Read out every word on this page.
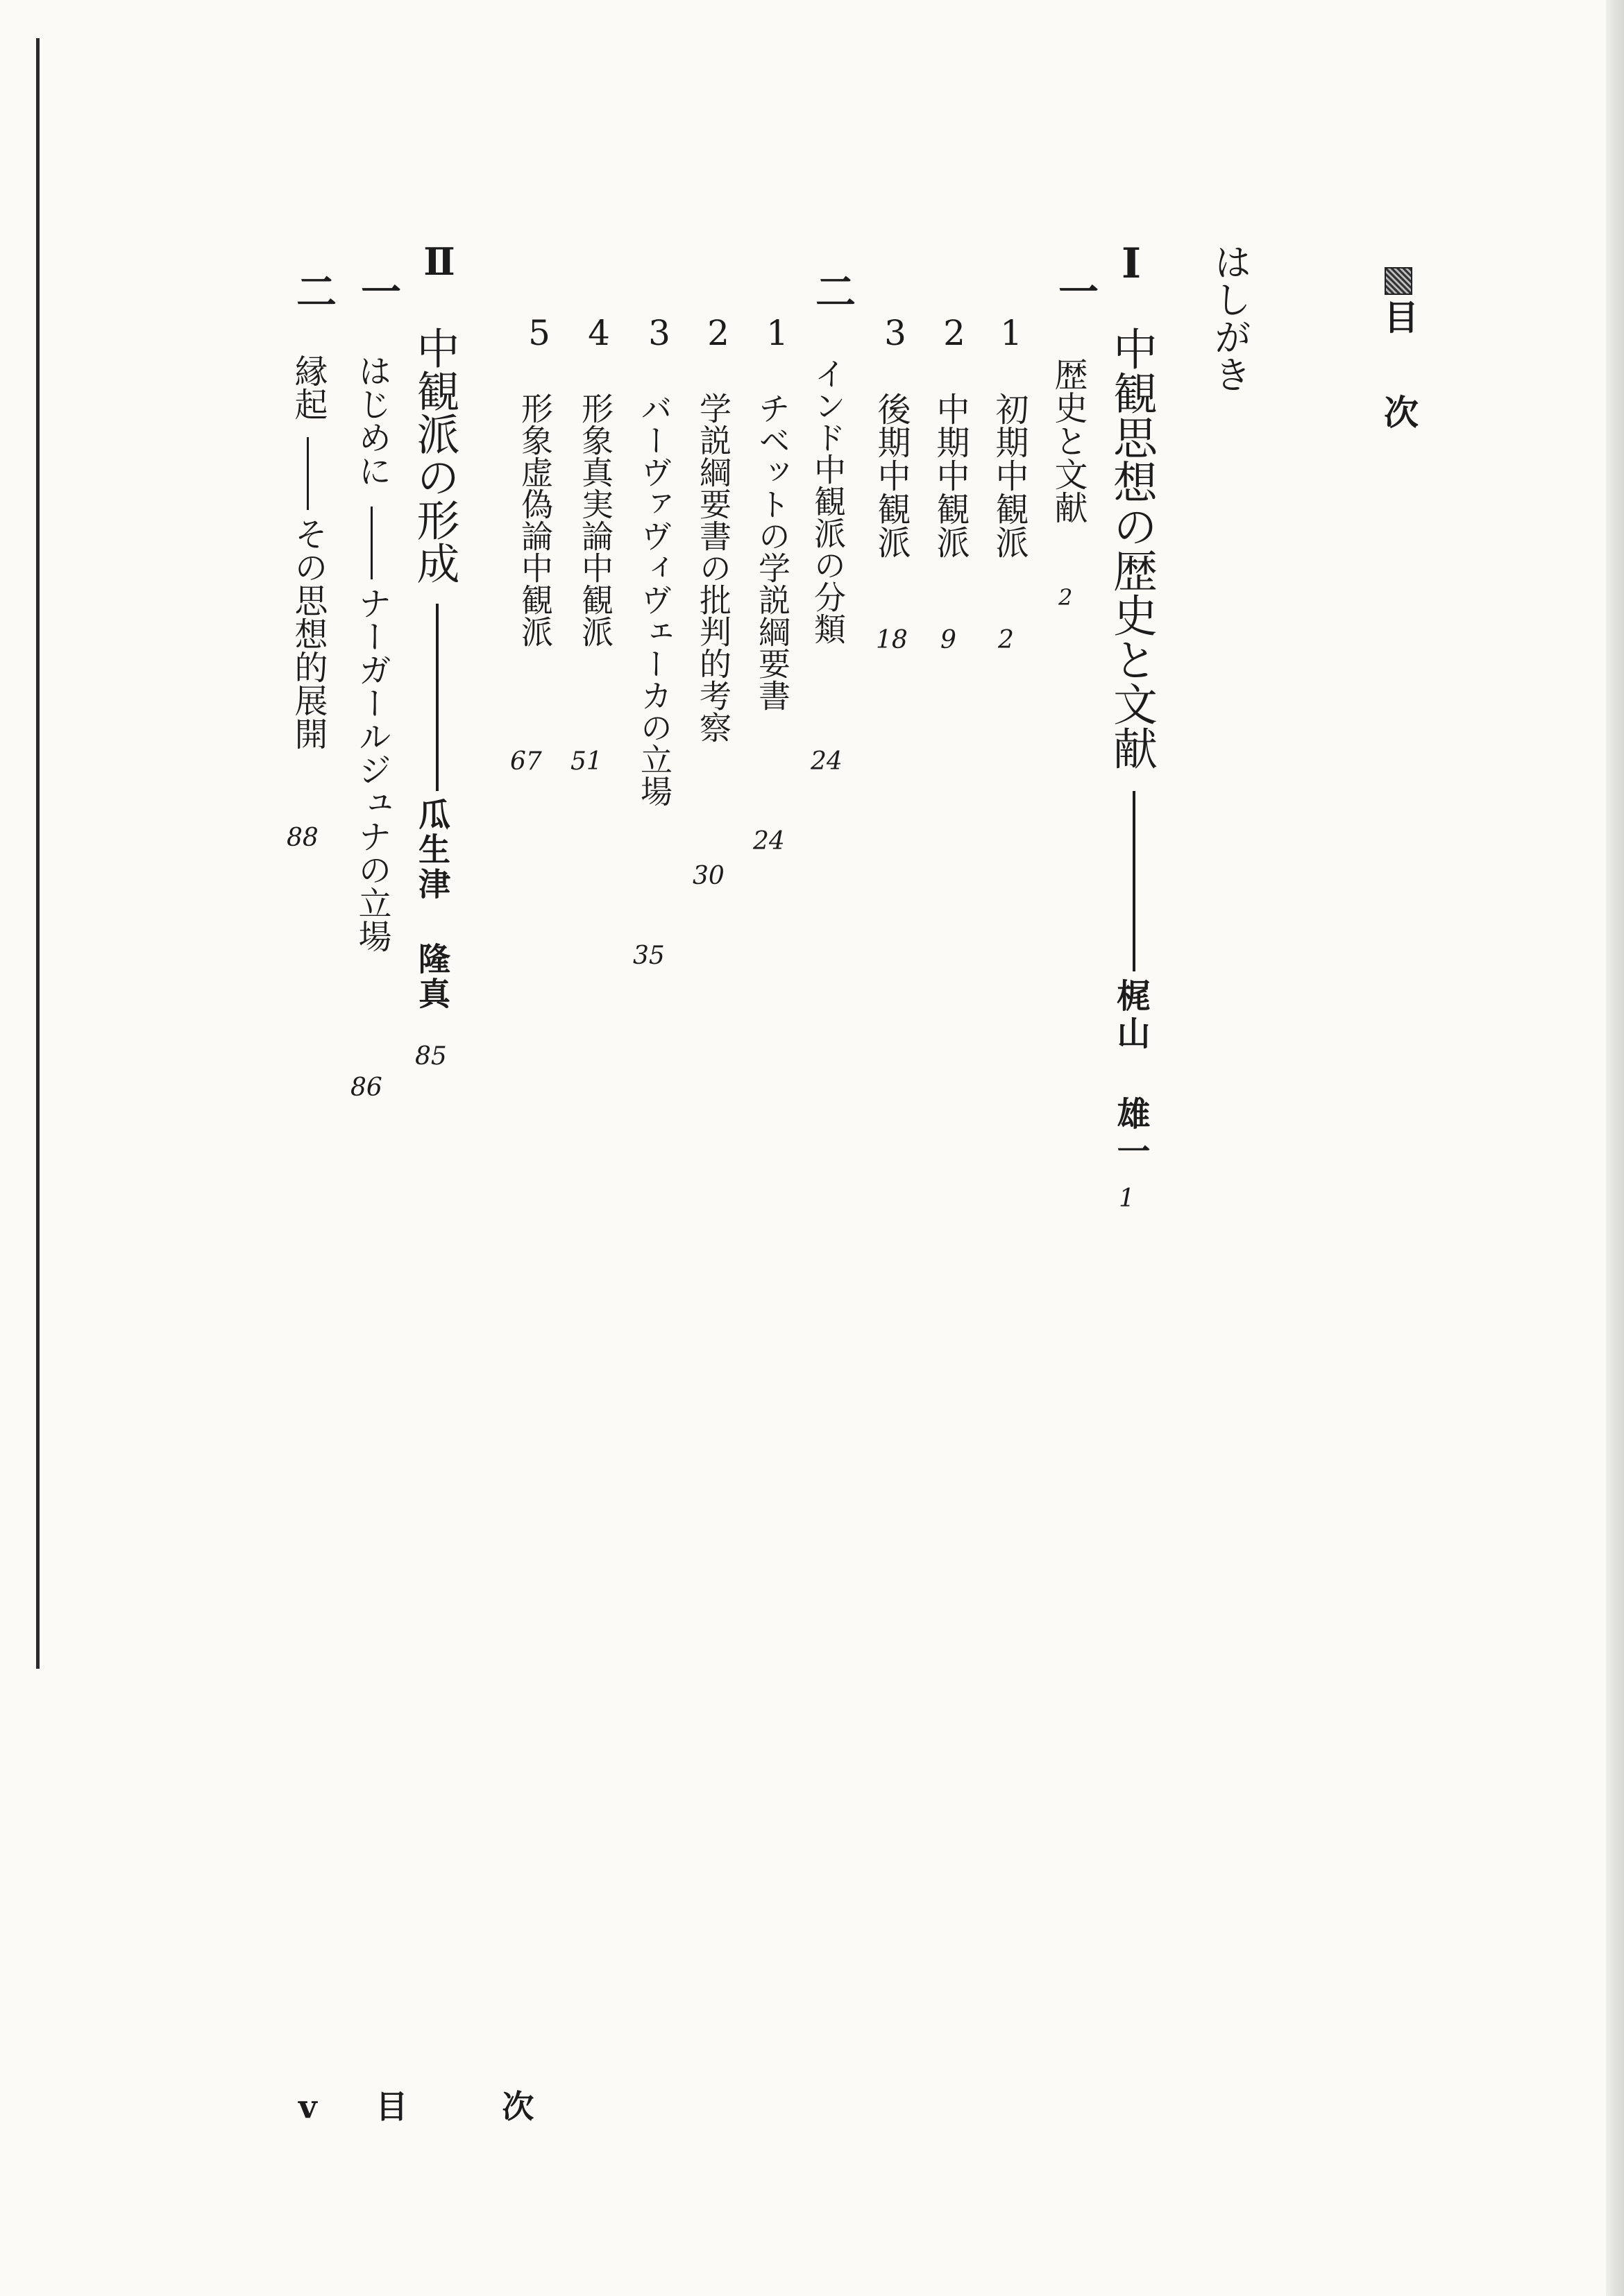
目 次
はしがき
Ⅰ
中観思想の歴史と文献
梶山 雄一
1
一
歴史と文献
2
1
初期中観派
2
2
中期中観派
9
3
後期中観派
18
二
インド中観派の分類
24
1
チベットの学説綱要書
24
2
学説綱要書の批判的考察
30
3
バーヴァヴィヴェーカの立場
35
4
形象真実論中観派
51
5
形象虚偽論中観派
67
Ⅱ
中観派の形成
瓜生津 隆真
85
一
はじめに
ナーガールジュナの立場
86
二
縁起
その思想的展開
88
v 目 次
